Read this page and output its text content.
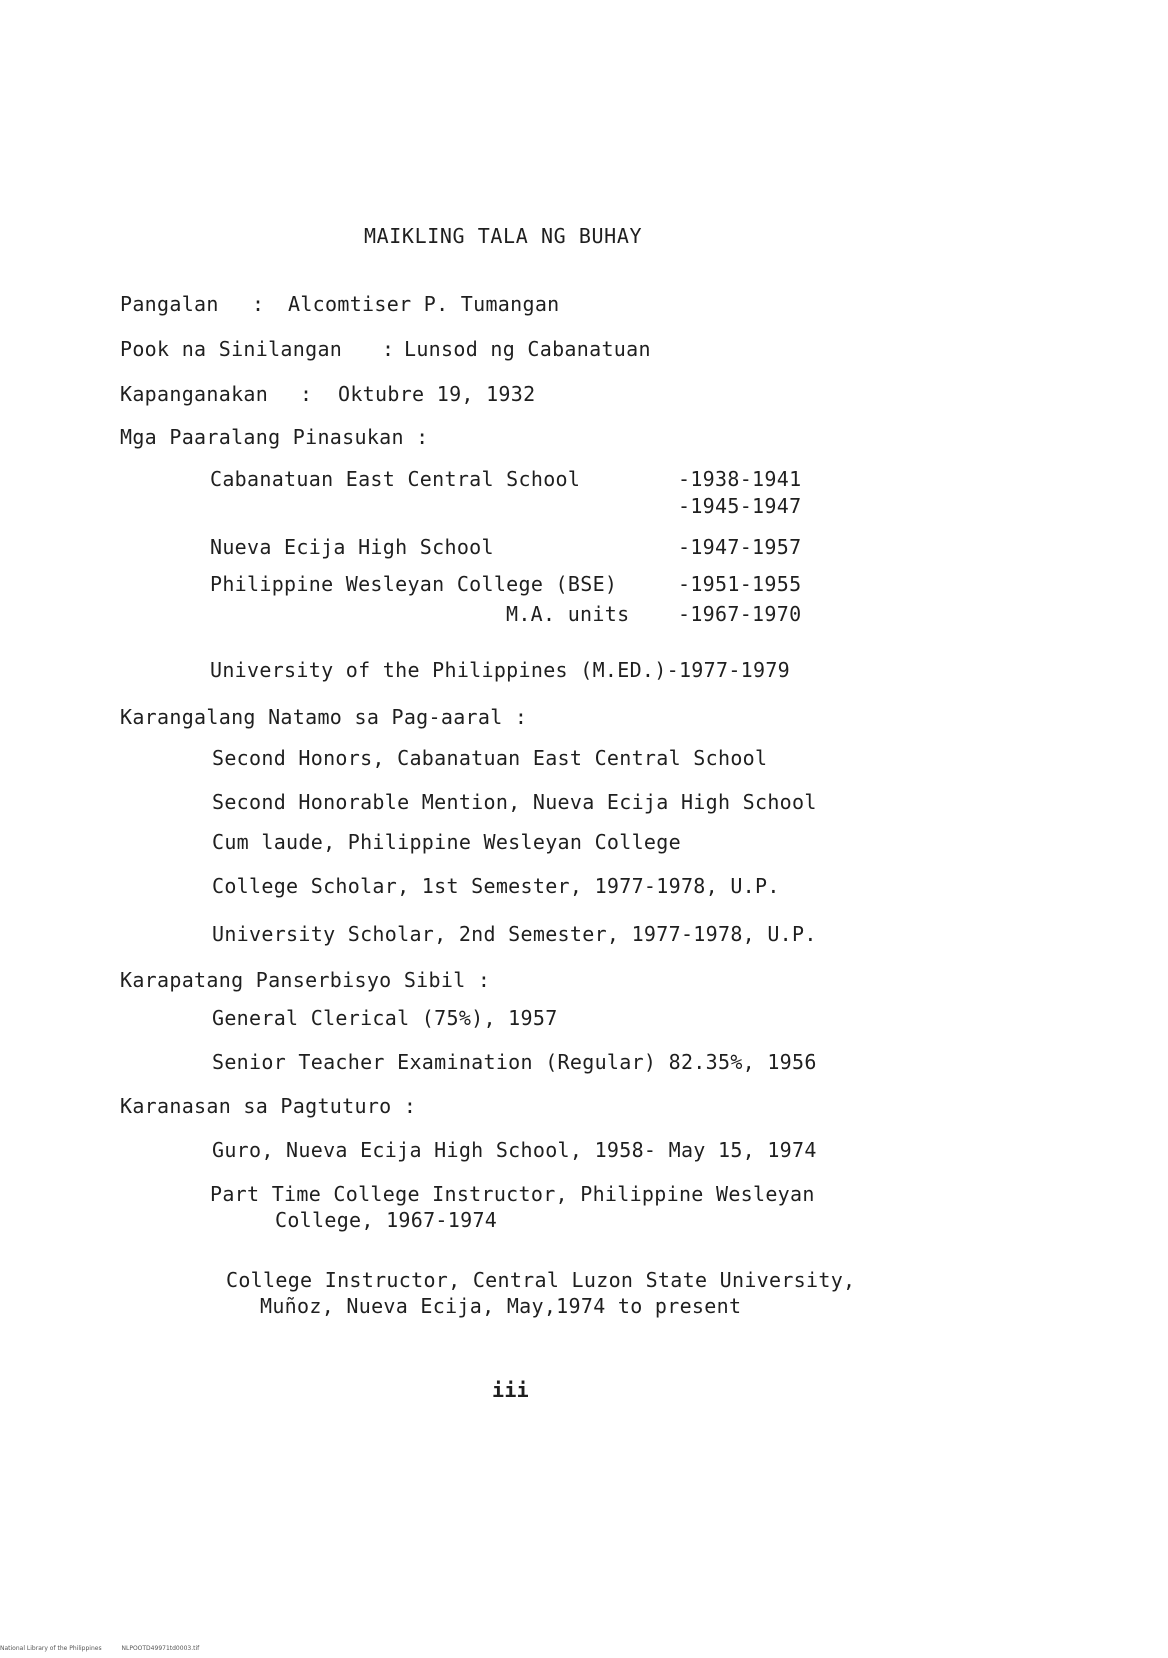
MAIKLING TALA NG BUHAY
Pangalan : Alcomtiser P. Tumangan
Pook na Sinilangan : Lunsod ng Cabanatuan
Kapanganakan : Oktubre 19, 1932
Mga Paaralang Pinasukan :
Cabanatuan East Central School	-1938-1941
-1945-1947
Nueva Ecija High School	-1947-1957
Philippine Wesleyan College (BSE)	-1951-1955
M.A. units -1967-1970
University of the Philippines (M.ED.)-1977-1979
Karangalang Natamo sa Pag-aaral :
Second Honors, Cabanatuan East Central School
Second Honorable Mention, Nueva Ecija High School
Cum laude, Philippine Wesleyan College
College Scholar, 1st Semester, 1977-1978, U.P.
University Scholar, 2nd Semester, 1977-1978, U.P.
Karapatang Panserbisyo Sibil :
General Clerical (75%), 1957
Senior Teacher Examination (Regular) 82.35%, 1956
Karanasan sa Pagtuturo :
Guro, Nueva Ecija High School, 1958- May 15, 1974
Part Time College Instructor, Philippine Wesleyan
College, 1967-1974
College Instructor, Central Luzon State University,
Muñoz, Nueva Ecija, May,1974 to present
iii
National Library of the Philippines	NLPOOTD49971td0003.tif
